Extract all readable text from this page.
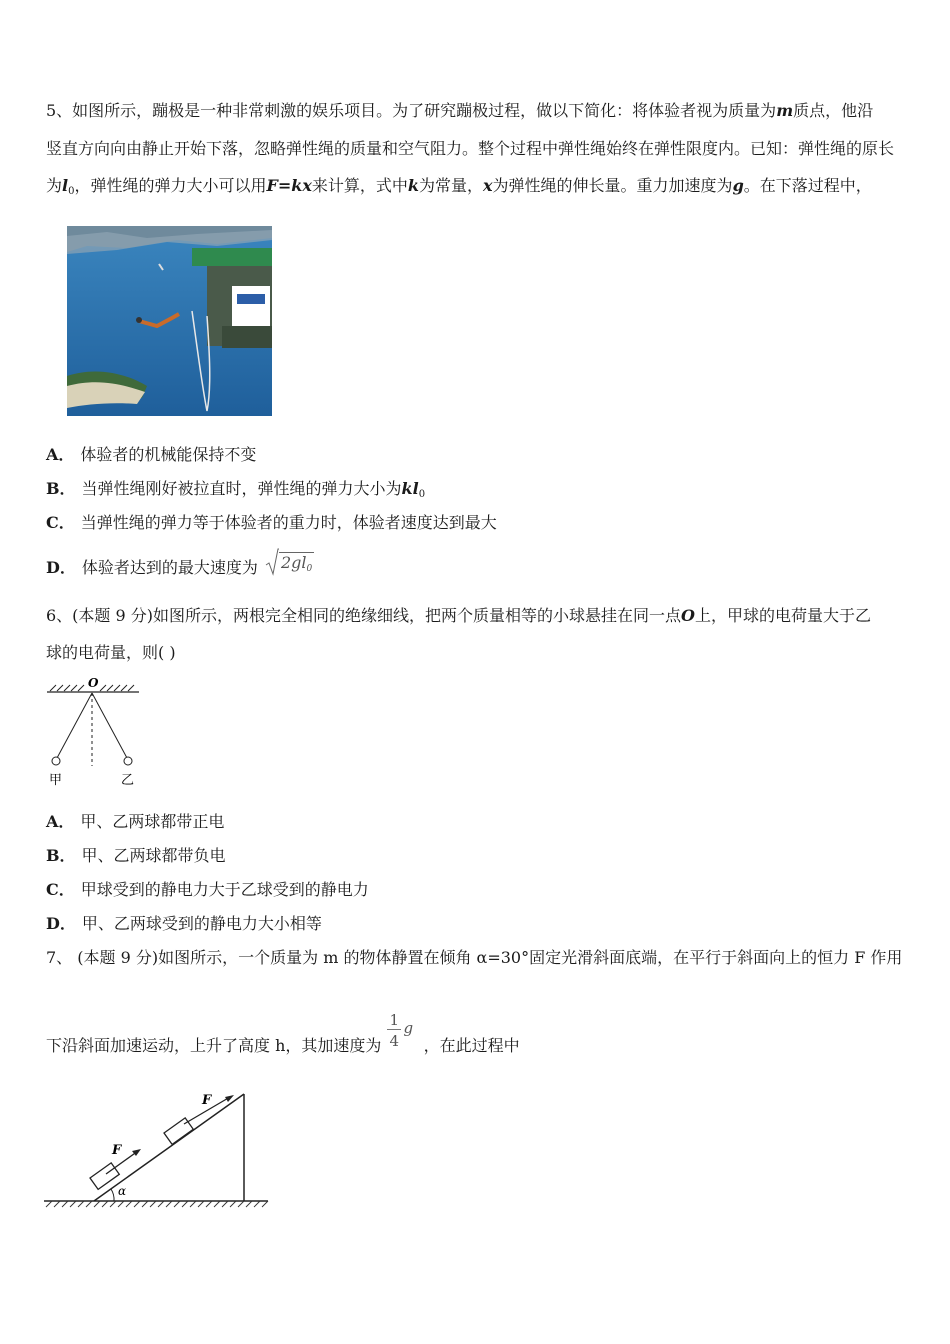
5、如图所示，蹦极是一种非常刺激的娱乐项目。为了研究蹦极过程，做以下简化：将体验者视为质量为m质点，他沿
竖直方向向由静止开始下落，忽略弹性绳的质量和空气阻力。整个过程中弹性绳始终在弹性限度内。已知：弹性绳的原长
为$l_0$，弹性绳的弹力大小可以用F=kx来计算，式中k为常量，x为弹性绳的伸长量。重力加速度为g。在下落过程中，
A． 体验者的机械能保持不变
B． 当弹性绳刚好被拉直时，弹性绳的弹力大小为$kl_0$
C． 当弹性绳的弹力等于体验者的重力时，体验者速度达到最大
D． 体验者达到的最大速度为 $2gl_0$
6、(本题 9 分)如图所示，两根完全相同的绝缘细线，把两个质量相等的小球悬挂在同一点O上，甲球的电荷量大于乙
球的电荷量，则( )
O
甲	乙
A． 甲、乙两球都带正电
B． 甲、乙两球都带负电
C． 甲球受到的静电力大于乙球受到的静电力
D． 甲、乙两球受到的静电力大小相等
7、 (本题 9 分)如图所示，一个质量为 m 的物体静置在倾角 α=30°固定光滑斜面底端，在平行于斜面向上的恒力 F 作用
下沿斜面加速运动，上升了高度 h，其加速度为
1
4
g
，在此过程中
F
F
α
